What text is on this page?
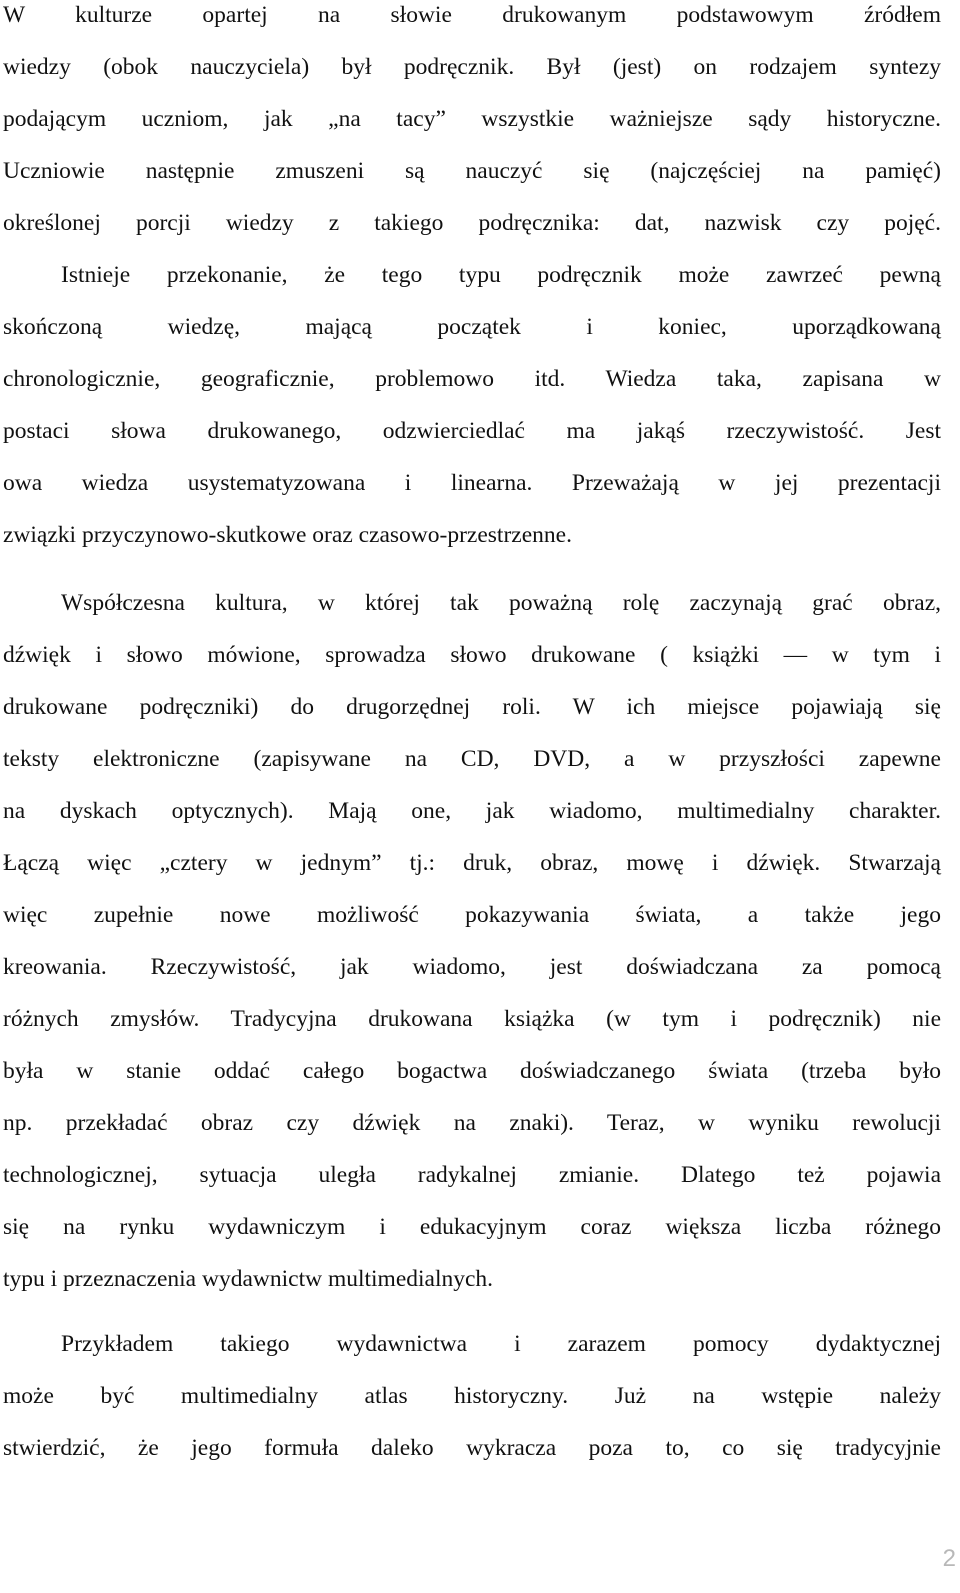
W kulturze opartej na słowie drukowanym podstawowym źródłem
wiedzy (obok nauczyciela) był podręcznik. Był (jest) on rodzajem syntezy
podającym uczniom, jak „na tacy” wszystkie ważniejsze sądy historyczne.
Uczniowie następnie zmuszeni są nauczyć się (najczęściej na pamięć)
określonej porcji wiedzy z takiego podręcznika: dat, nazwisk czy pojęć.
Istnieje przekonanie, że tego typu podręcznik może zawrzeć pewną
skończoną wiedzę, mającą początek i koniec, uporządkowaną
chronologicznie, geograficznie, problemowo itd. Wiedza taka, zapisana w
postaci słowa drukowanego, odzwierciedlać ma jakąś rzeczywistość. Jest
owa wiedza usystematyzowana i linearna. Przeważają w jej prezentacji
związki przyczynowo-skutkowe oraz czasowo-przestrzenne.
Współczesna kultura, w której tak poważną rolę zaczynają grać obraz,
dźwięk i słowo mówione, sprowadza słowo drukowane ( książki — w tym i
drukowane podręczniki) do drugorzędnej roli. W ich miejsce pojawiają się
teksty elektroniczne (zapisywane na CD, DVD, a w przyszłości zapewne
na dyskach optycznych). Mają one, jak wiadomo, multimedialny charakter.
Łączą więc „cztery w jednym” tj.: druk, obraz, mowę i dźwięk. Stwarzają
więc zupełnie nowe możliwość pokazywania świata, a także jego
kreowania. Rzeczywistość, jak wiadomo, jest doświadczana za pomocą
różnych zmysłów. Tradycyjna drukowana książka (w tym i podręcznik) nie
była w stanie oddać całego bogactwa doświadczanego świata (trzeba było
np. przekładać obraz czy dźwięk na znaki). Teraz, w wyniku rewolucji
technologicznej, sytuacja uległa radykalnej zmianie. Dlatego też pojawia
się na rynku wydawniczym i edukacyjnym coraz większa liczba różnego
typu i przeznaczenia wydawnictw multimedialnych.
Przykładem takiego wydawnictwa i zarazem pomocy dydaktycznej
może być multimedialny atlas historyczny. Już na wstępie należy
stwierdzić, że jego formuła daleko wykracza poza to, co się tradycyjnie
2
